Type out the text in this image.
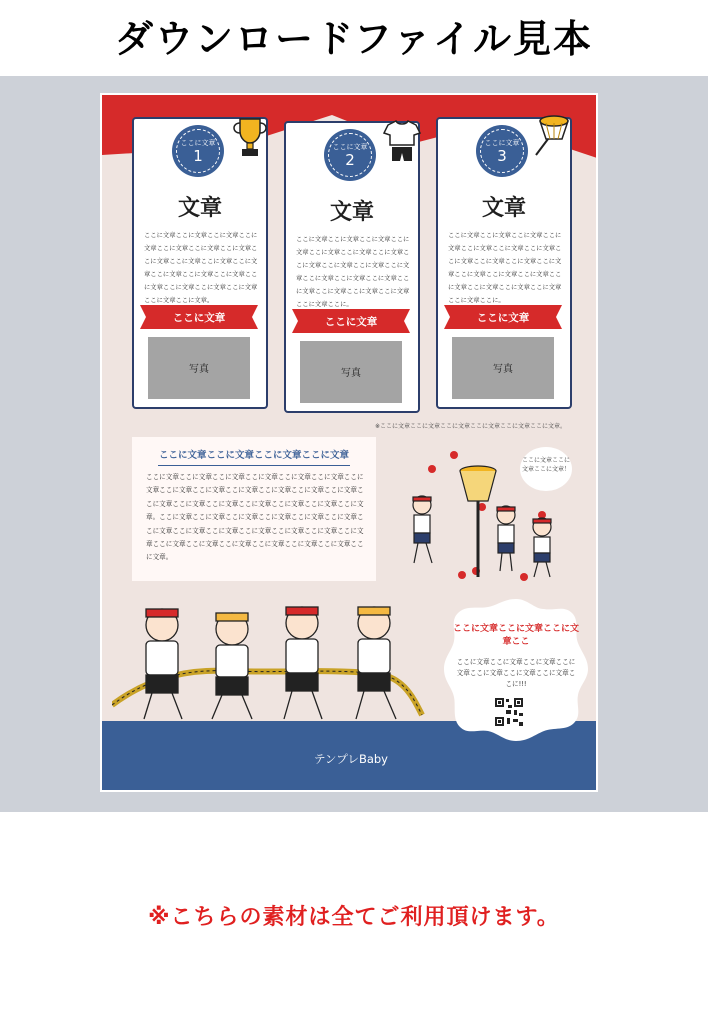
ダウンロードファイル見本
ここに文章
1
文章
ここに文章ここに文章ここに文章ここに文章ここに文章ここに文章ここに文章ここに文章ここに文章ここに文章ここに文章ここに文章ここに文章ここに文章ここに文章ここに文章ここに文章ここに文章ここに文章ここに文章。
ここに文章
写真
ここに文章
2
文章
ここに文章ここに文章ここに文章ここに文章ここに文章ここに文章ここに文章ここに文章ここに文章ここに文章ここに文章ここに文章ここに文章ここに文章ここに文章ここに文章ここに文章ここに文章ここに文章ここに。
ここに文章
写真
ここに文章
3
文章
ここに文章ここに文章ここに文章ここに文章ここに文章ここに文章ここに文章ここに文章ここに文章ここに文章ここに文章ここに文章ここに文章ここに文章ここに文章ここに文章ここに文章ここに文章ここに文章ここに。
ここに文章
写真
※ここに文章ここに文章ここに文章ここに文章ここに文章ここに文章。
ここに文章ここに文章ここに文章ここに文章
ここに文章ここに文章ここに文章ここに文章ここに文章ここに文章ここに文章ここに文章ここに文章ここに文章ここに文章ここに文章ここに文章ここに文章ここに文章ここに文章ここに文章ここに文章ここに文章ここに文章。ここに文章ここに文章ここに文章ここに文章ここに文章ここに文章ここに文章ここに文章ここに文章ここに文章ここに文章ここに文章ここに文章ここに文章ここに文章ここに文章ここに文章ここに文章ここに文章ここに文章。
ここに文章ここに文章ここに文章！
テンプレBaby
ここに文章ここに文章ここに文章ここ
ここに文章ここに文章ここに文章ここに文章ここに文章ここに文章ここに文章ここに!!!
※こちらの素材は全てご利用頂けます。
